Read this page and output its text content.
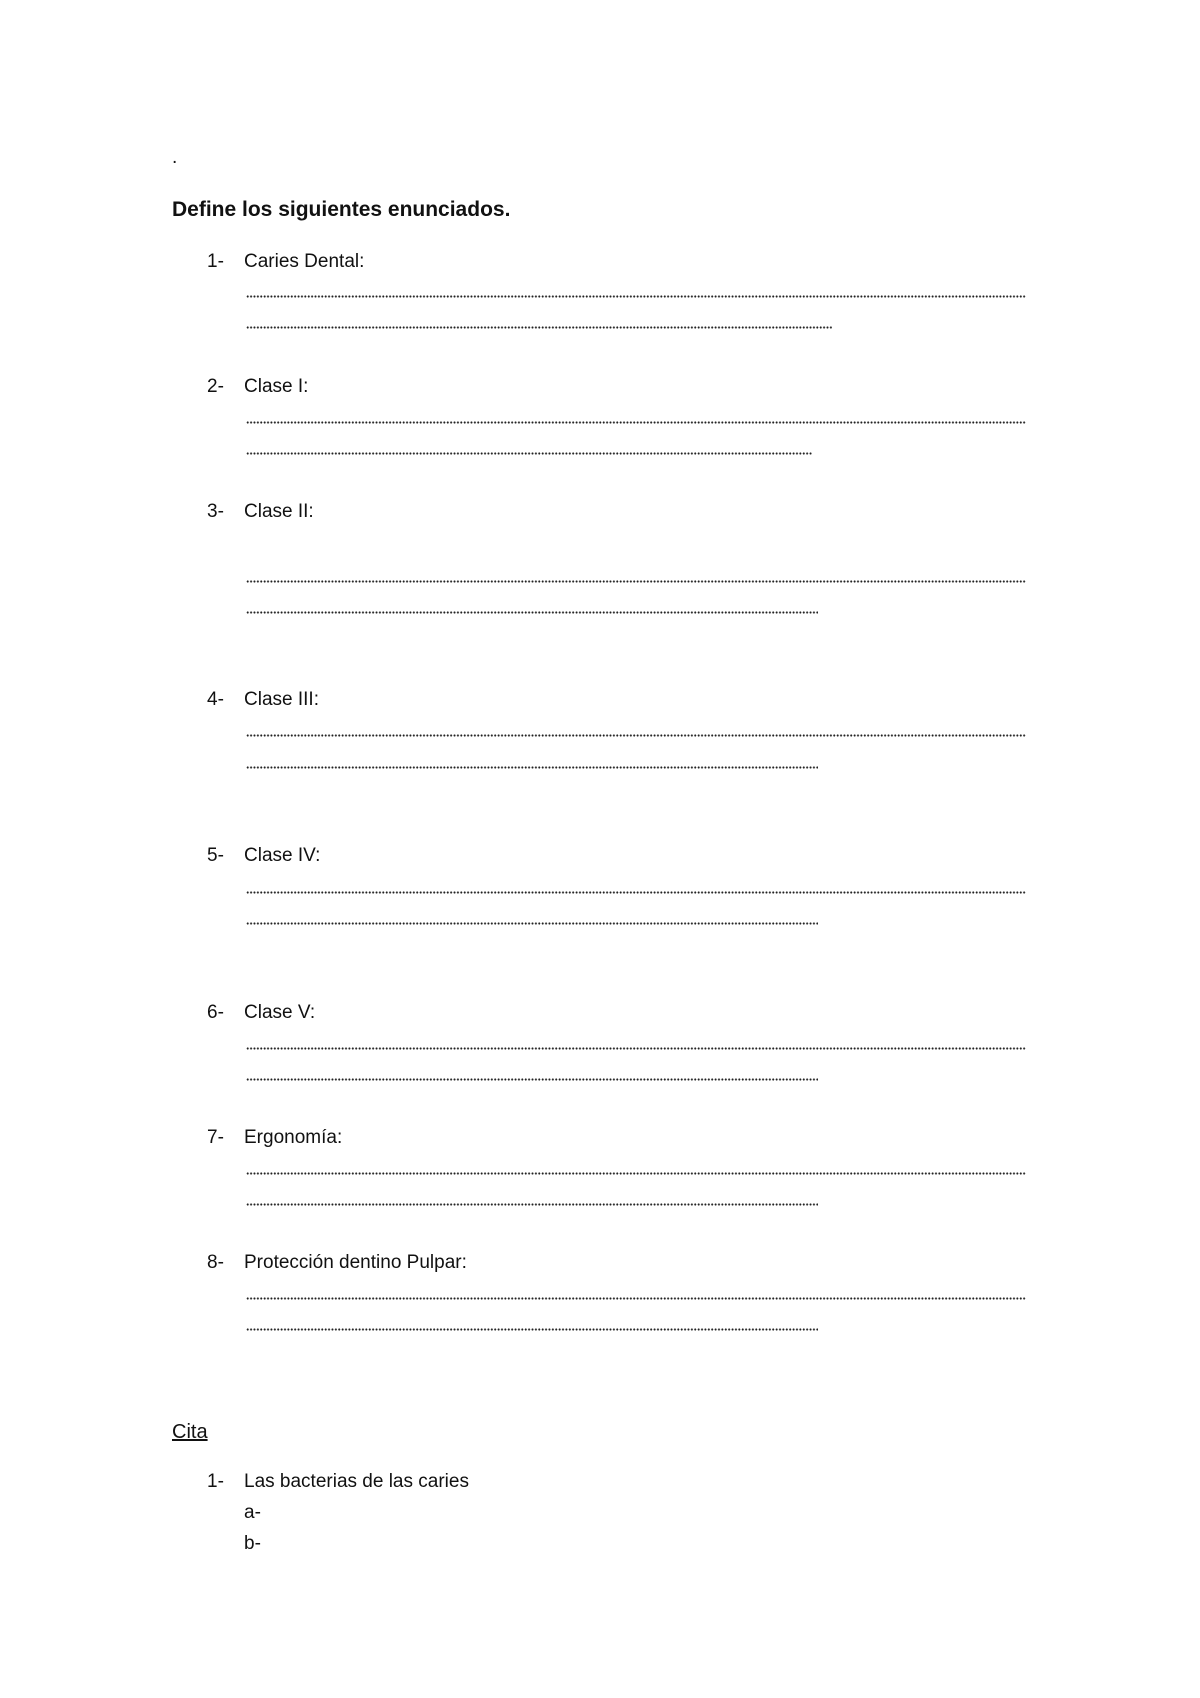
.
Define los siguientes enunciados.
1- Caries Dental:
2- Clase I:
3- Clase II:
4- Clase III:
5- Clase IV:
6- Clase V:
7- Ergonomía:
8- Protección dentino Pulpar:
Cita
1- Las bacterias de las caries
a-
b-
